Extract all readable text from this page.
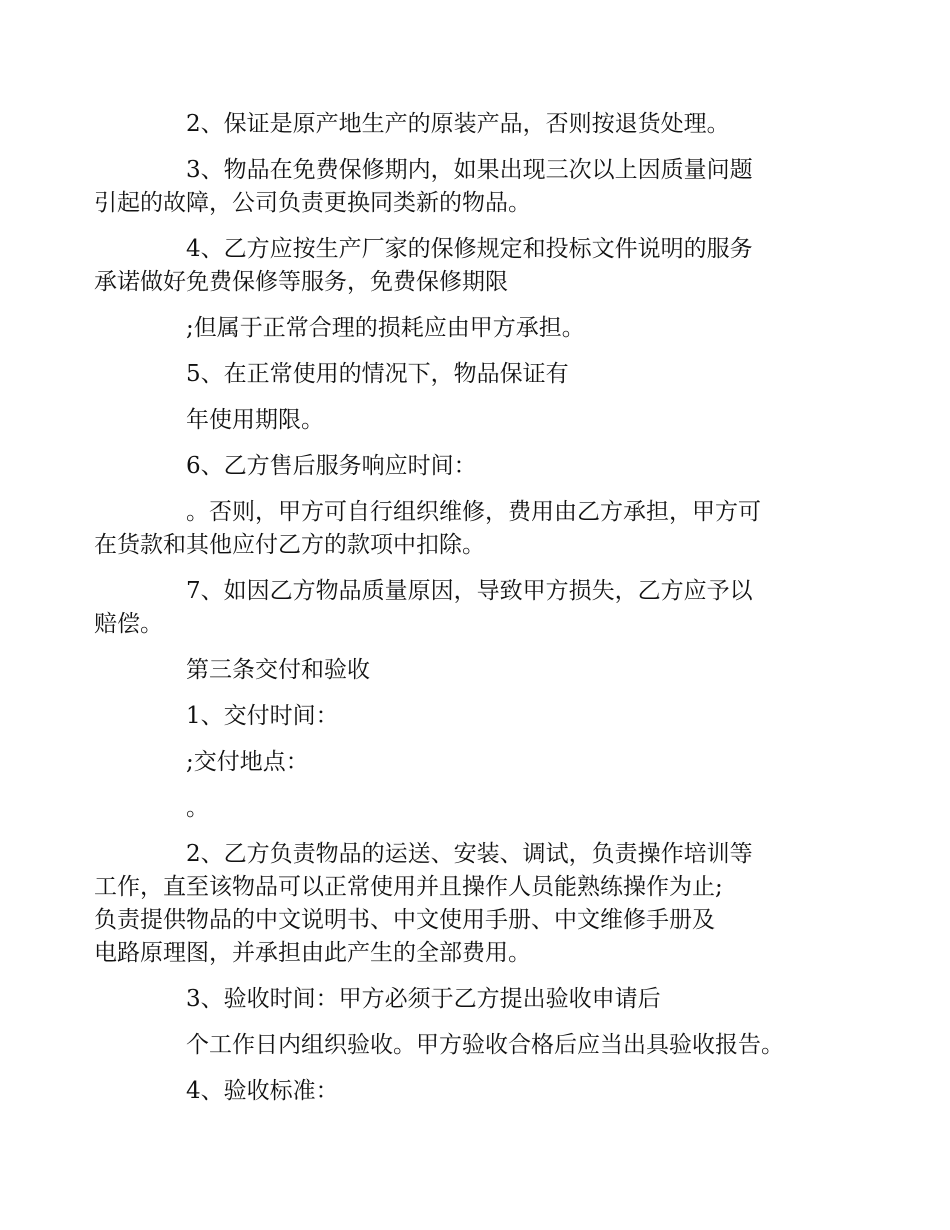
2、保证是原产地生产的原装产品，否则按退货处理。
3、物品在免费保修期内，如果出现三次以上因质量问题
引起的故障，公司负责更换同类新的物品。
4、乙方应按生产厂家的保修规定和投标文件说明的服务
承诺做好免费保修等服务，免费保修期限
;但属于正常合理的损耗应由甲方承担。
5、在正常使用的情况下，物品保证有
年使用期限。
6、乙方售后服务响应时间：
。否则，甲方可自行组织维修，费用由乙方承担，甲方可
在货款和其他应付乙方的款项中扣除。
7、如因乙方物品质量原因，导致甲方损失，乙方应予以
赔偿。
第三条交付和验收
1、交付时间：
;交付地点：
。
2、乙方负责物品的运送、安装、调试，负责操作培训等
工作，直至该物品可以正常使用并且操作人员能熟练操作为止;
负责提供物品的中文说明书、中文使用手册、中文维修手册及
电路原理图，并承担由此产生的全部费用。
3、验收时间：甲方必须于乙方提出验收申请后
个工作日内组织验收。甲方验收合格后应当出具验收报告。
4、验收标准：
